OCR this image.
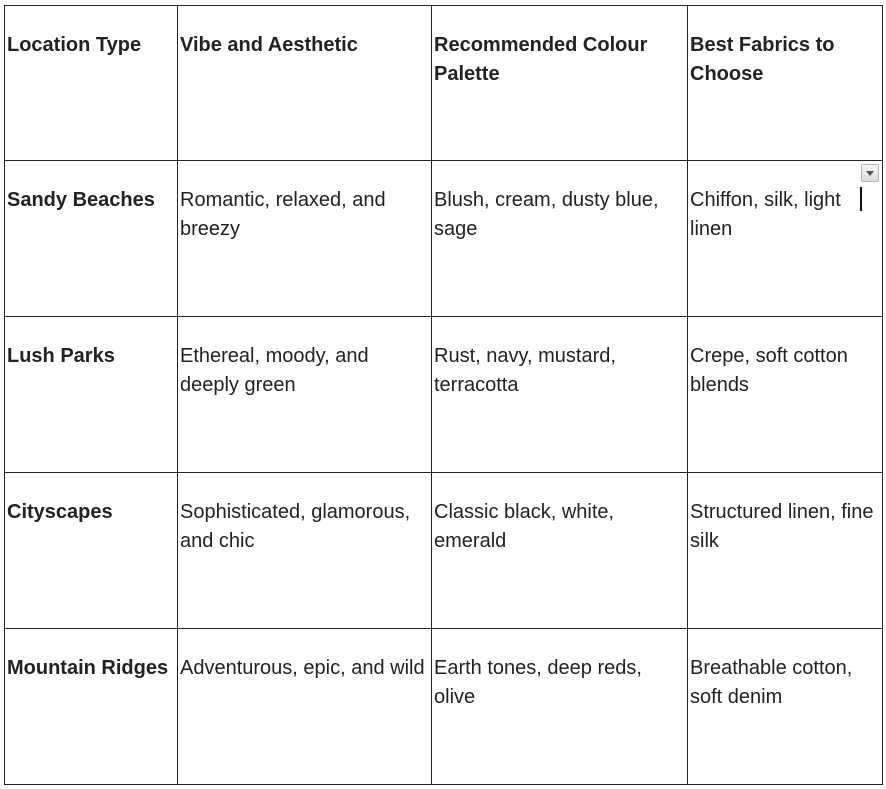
Location Type	Vibe and Aesthetic	Recommended Colour Palette	Best Fabrics to Choose

Sandy Beaches	Romantic, relaxed, and breezy	Blush, cream, dusty blue, sage	Chiffon, silk, light linen

Lush Parks	Ethereal, moody, and deeply green	Rust, navy, mustard, terracotta	Crepe, soft cotton blends

Cityscapes	Sophisticated, glamorous, and chic	Classic black, white, emerald	Structured linen, fine silk

Mountain Ridges	Adventurous, epic, and wild	Earth tones, deep reds, olive	Breathable cotton, soft denim
